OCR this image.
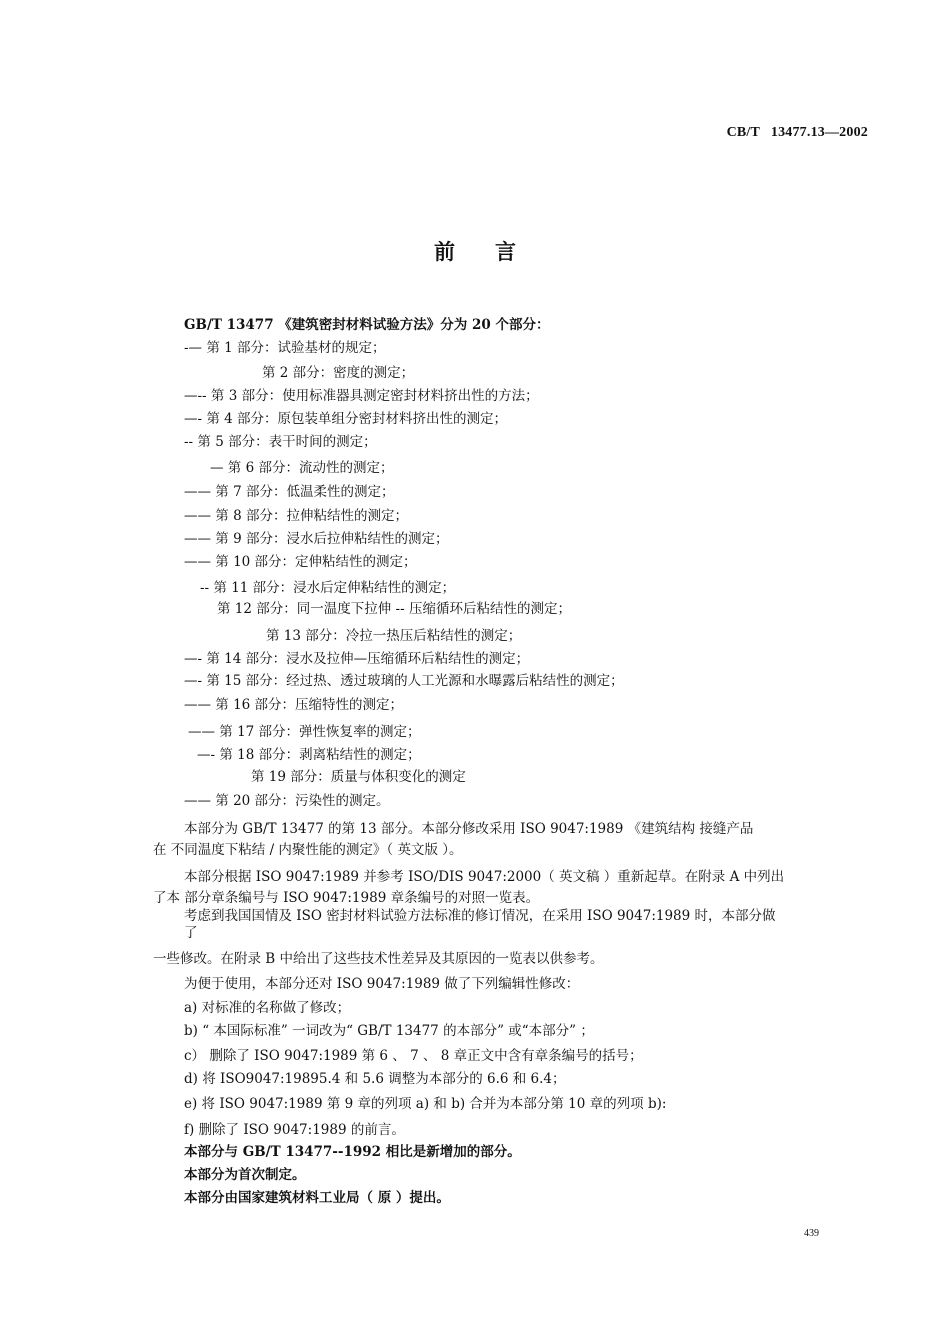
CB/T   13477.13—2002
前言
GB/T 13477 《建筑密封材料试验方法》分为 20 个部分：
-— 第 1 部分：试验基材的规定；
第 2 部分：密度的测定；
—-- 第 3 部分：使用标准器具测定密封材料挤出性的方法；
—- 第 4 部分：原包装单组分密封材料挤出性的测定；
-- 第 5 部分：表干时间的测定；
— 第 6 部分：流动性的测定；
—— 第 7 部分：低温柔性的测定；
—— 第 8 部分：拉伸粘结性的测定；
—— 第 9 部分：浸水后拉伸粘结性的测定；
—— 第 10 部分：定伸粘结性的测定；
-- 第 11 部分：浸水后定伸粘结性的测定；
第 12 部分：同一温度下拉伸 -- 压缩循环后粘结性的测定；
第 13 部分：冷拉一热压后粘结性的测定；
—- 第 14 部分：浸水及拉伸—压缩循环后粘结性的测定；
—- 第 15 部分：经过热、透过玻璃的人工光源和水曝露后粘结性的测定；
—— 第 16 部分：压缩特性的测定；
—— 第 17 部分：弹性恢复率的测定；
—- 第 18 部分：剥离粘结性的测定；
第 19 部分：质量与体积变化的测定
—— 第 20 部分：污染性的测定。
本部分为 GB/T 13477 的第 13 部分。本部分修改采用 ISO 9047:1989 《建筑结构 接缝产品
在 不同温度下粘结 / 内聚性能的测定》（ 英文版 ）。
本部分根据 ISO 9047:1989 并参考 ISO/DIS 9047:2000（ 英文稿 ）重新起草。在附录 A 中列出
了本 部分章条编号与 ISO 9047:1989 章条编号的对照一览表。
考虑到我国国情及 ISO 密封材料试验方法标准的修订情况，在采用 ISO 9047:1989 时，本部分做
了
一些修改。在附录 B 中给出了这些技术性差异及其原因的一览表以供参考。
为便于使用，本部分还对 ISO 9047:1989 做了下列编辑性修改：
a) 对标准的名称做了修改；
b) “ 本国际标准” 一词改为“ GB/T 13477 的本部分” 或“本部分” ；
c） 删除了 ISO 9047:1989 第 6 、 7 、 8 章正文中含有章条编号的括号；
d) 将 ISO9047:19895.4 和 5.6 调整为本部分的 6.6 和 6.4；
e) 将 ISO 9047:1989 第 9 章的列项 a) 和 b) 合并为本部分第 10 章的列项 b):
f) 删除了 ISO 9047:1989 的前言。
本部分与 GB/T 13477--1992 相比是新增加的部分。
本部分为首次制定。
本部分由国家建筑材料工业局（ 原 ）提出。
439
